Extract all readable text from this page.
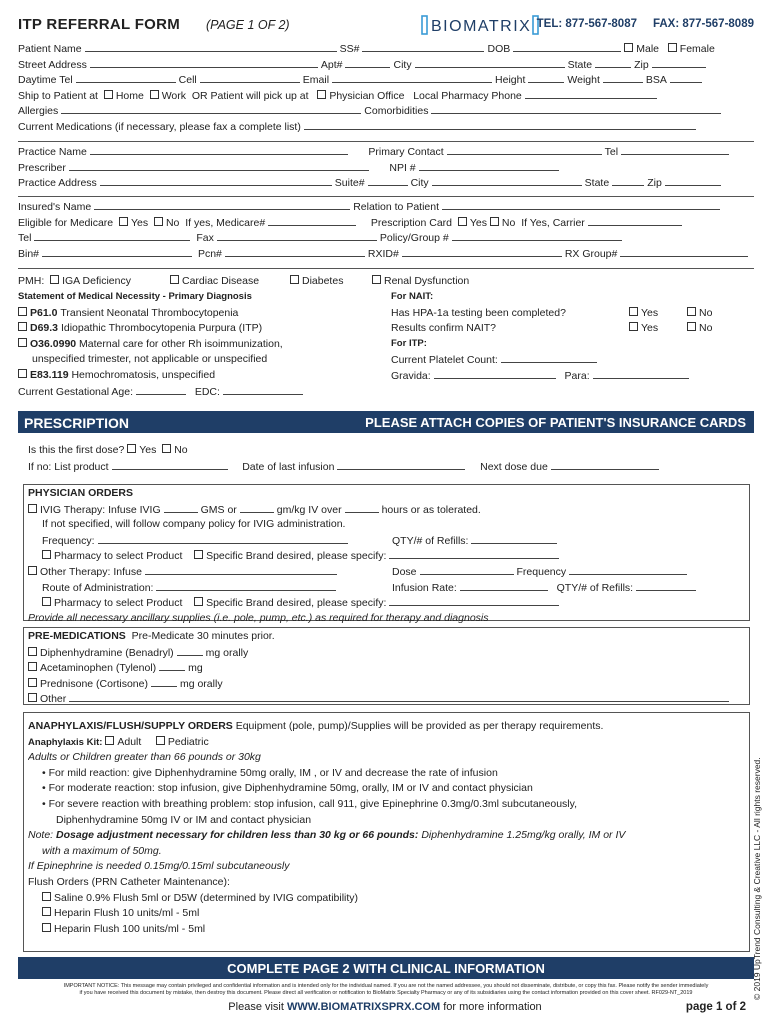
ITP REFERRAL FORM (PAGE 1 OF 2)	BIOMATRIX TEL: 877-567-8087 FAX: 877-567-8089
Patient Name	SS#	DOB	Male Female
Street Address	Apt#	City	State	Zip
Daytime Tel	Cell	Email	Height	Weight	BSA
Ship to Patient at Home Work OR Patient will pick up at Physician Office Local Pharmacy Phone
Allergies	Comorbidities
Current Medications (if necessary, please fax a complete list)
Practice Name	Primary Contact	Tel
Prescriber	NPI #
Practice Address	Suite#	City	State	Zip
Insured's Name	Relation to Patient
Eligible for Medicare Yes No If yes, Medicare#	Prescription Card Yes No If Yes, Carrier
Tel	Fax	Policy/Group #
Bin#	Pcn#	RXID#	RX Group#
PMH: IGA Deficiency	Cardiac Disease	Diabetes	Renal Dysfunction
Statement of Medical Necessity - Primary Diagnosis
P61.0 Transient Neonatal Thrombocytopenia
D69.3 Idiopathic Thrombocytopenia Purpura (ITP)
O36.0990 Maternal care for other Rh isoimmunization,
unspecified trimester, not applicable or unspecified
E83.119 Hemochromatosis, unspecified
Current Gestational Age:	EDC:
For NAIT:
Has HPA-1a testing been completed?	Yes	No
Results confirm NAIT?	Yes	No
For ITP:
Current Platelet Count:
Gravida:	Para:
PRESCRIPTION	PLEASE ATTACH COPIES OF PATIENT'S INSURANCE CARDS
Is this the first dose? Yes No
If no: List product	Date of last infusion	Next dose due
PHYSICIAN ORDERS
IVIG Therapy: Infuse IVIG	GMS or	gm/kg IV over	hours or as tolerated.
If not specified, will follow company policy for IVIG administration.
Frequency:	QTY/# of Refills:
Pharmacy to select Product Specific Brand desired, please specify:
Other Therapy: Infuse	Dose	Frequency
Route of Administration:	Infusion Rate:	QTY/# of Refills:
Pharmacy to select Product Specific Brand desired, please specify:
Provide all necessary ancillary supplies (i.e. pole, pump, etc.) as required for therapy and diagnosis
PRE-MEDICATIONS Pre-Medicate 30 minutes prior.
Diphenhydramine (Benadryl)	mg orally
Acetaminophen (Tylenol)	mg
Prednisone (Cortisone)	mg orally
Other
ANAPHYLAXIS/FLUSH/SUPPLY ORDERS Equipment (pole, pump)/Supplies will be provided as per therapy requirements.
Anaphylaxis Kit: Adult	Pediatric
Adults or Children greater than 66 pounds or 30kg
• For mild reaction: give Diphenhydramine 50mg orally, IM , or IV and decrease the rate of infusion
• For moderate reaction: stop infusion, give Diphenhydramine 50mg, orally, IM or IV and contact physician
• For severe reaction with breathing problem: stop infusion, call 911, give Epinephrine 0.3mg/0.3ml subcutaneously,
Diphenhydramine 50mg IV or IM and contact physician
Note: Dosage adjustment necessary for children less than 30 kg or 66 pounds: Diphenhydramine 1.25mg/kg orally, IM or IV
with a maximum of 50mg.
If Epinephrine is needed 0.15mg/0.15ml subcutaneously
Flush Orders (PRN Catheter Maintenance):
Saline 0.9% Flush 5ml or D5W (determined by IVIG compatibility)
Heparin Flush 10 units/ml - 5ml
Heparin Flush 100 units/ml - 5ml
COMPLETE PAGE 2 WITH CLINICAL INFORMATION
IMPORTANT NOTICE: This message may contain privileged and confidential information and is intended only for the individual named. If you are not the named addressee, you should not disseminate, distribute, or copy this fax. Please notify the sender immediately
if you have received this document by mistake, then destroy this document. Please direct all verification or notification to BioMatrix Specialty Pharmacy or any of its subsidiaries using the contact information provided on this cover sheet. RF029-NT_2019
Please visit WWW.BIOMATRIXSPRX.COM for more information	page 1 of 2
© 2019 UpTrend Consulting & Creative LLC - All rights reserved.
